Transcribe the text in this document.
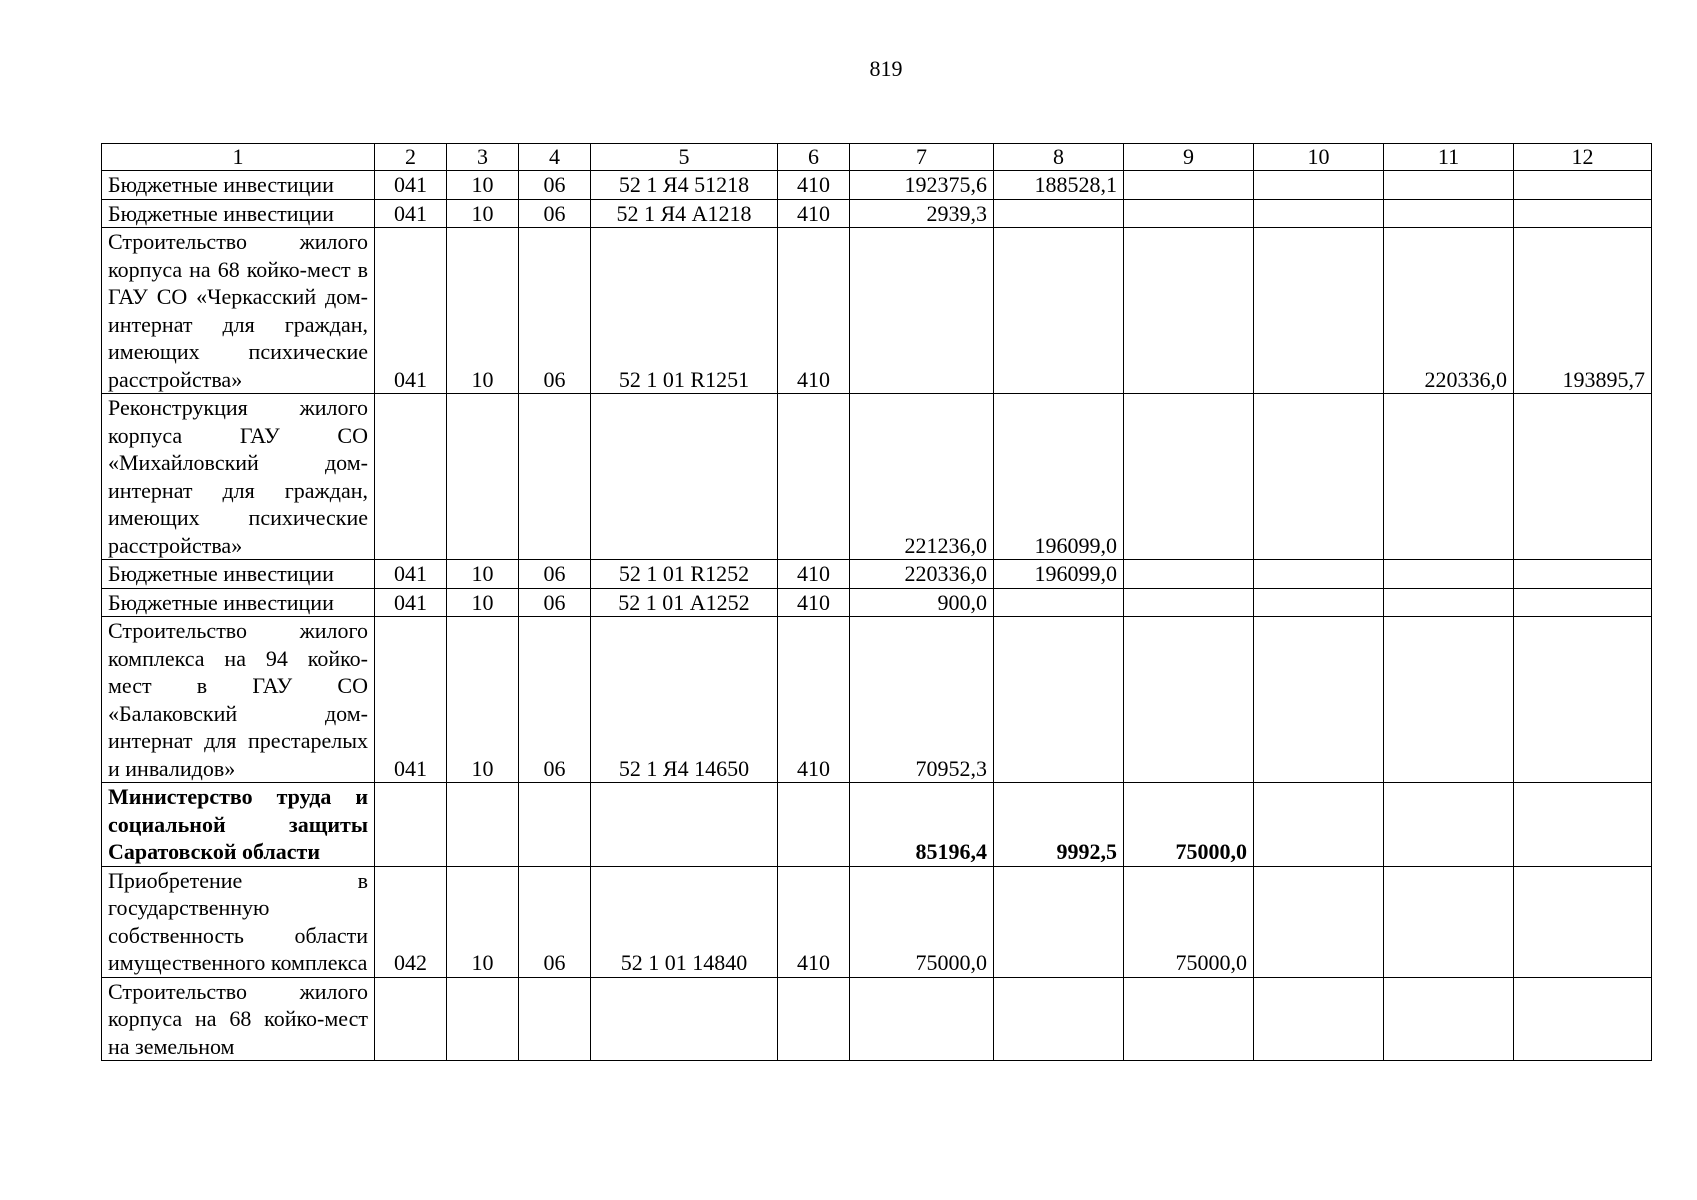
819
1	2	3	4	5	6	7	8	9	10	11	12
Бюджетные инвестиции	041	10	06	52 1 Я4 51218	410	192375,6	188528,1				
Бюджетные инвестиции	041	10	06	52 1 Я4 А1218	410	2939,3					
Строительство жилого корпуса на 68 койко-мест в ГАУ СО «Черкасский дом-интернат для граждан, имеющих психические расстройства»	041	10	06	52 1 01 R1251	410					220336,0	193895,7
Реконструкция жилого корпуса ГАУ СО «Михайловский дом-интернат для граждан, имеющих психические расстройства»						221236,0	196099,0				
Бюджетные инвестиции	041	10	06	52 1 01 R1252	410	220336,0	196099,0				
Бюджетные инвестиции	041	10	06	52 1 01 А1252	410	900,0					
Строительство жилого комплекса на 94 койко-мест в ГАУ СО «Балаковский дом-интернат для престарелых и инвалидов»	041	10	06	52 1 Я4 14650	410	70952,3					
Министерство труда и социальной защиты Саратовской области						85196,4	9992,5	75000,0			
Приобретение в государственную собственность области имущественного комплекса	042	10	06	52 1 01 14840	410	75000,0		75000,0			
Строительство жилого корпуса на 68 койко-мест на земельном											
